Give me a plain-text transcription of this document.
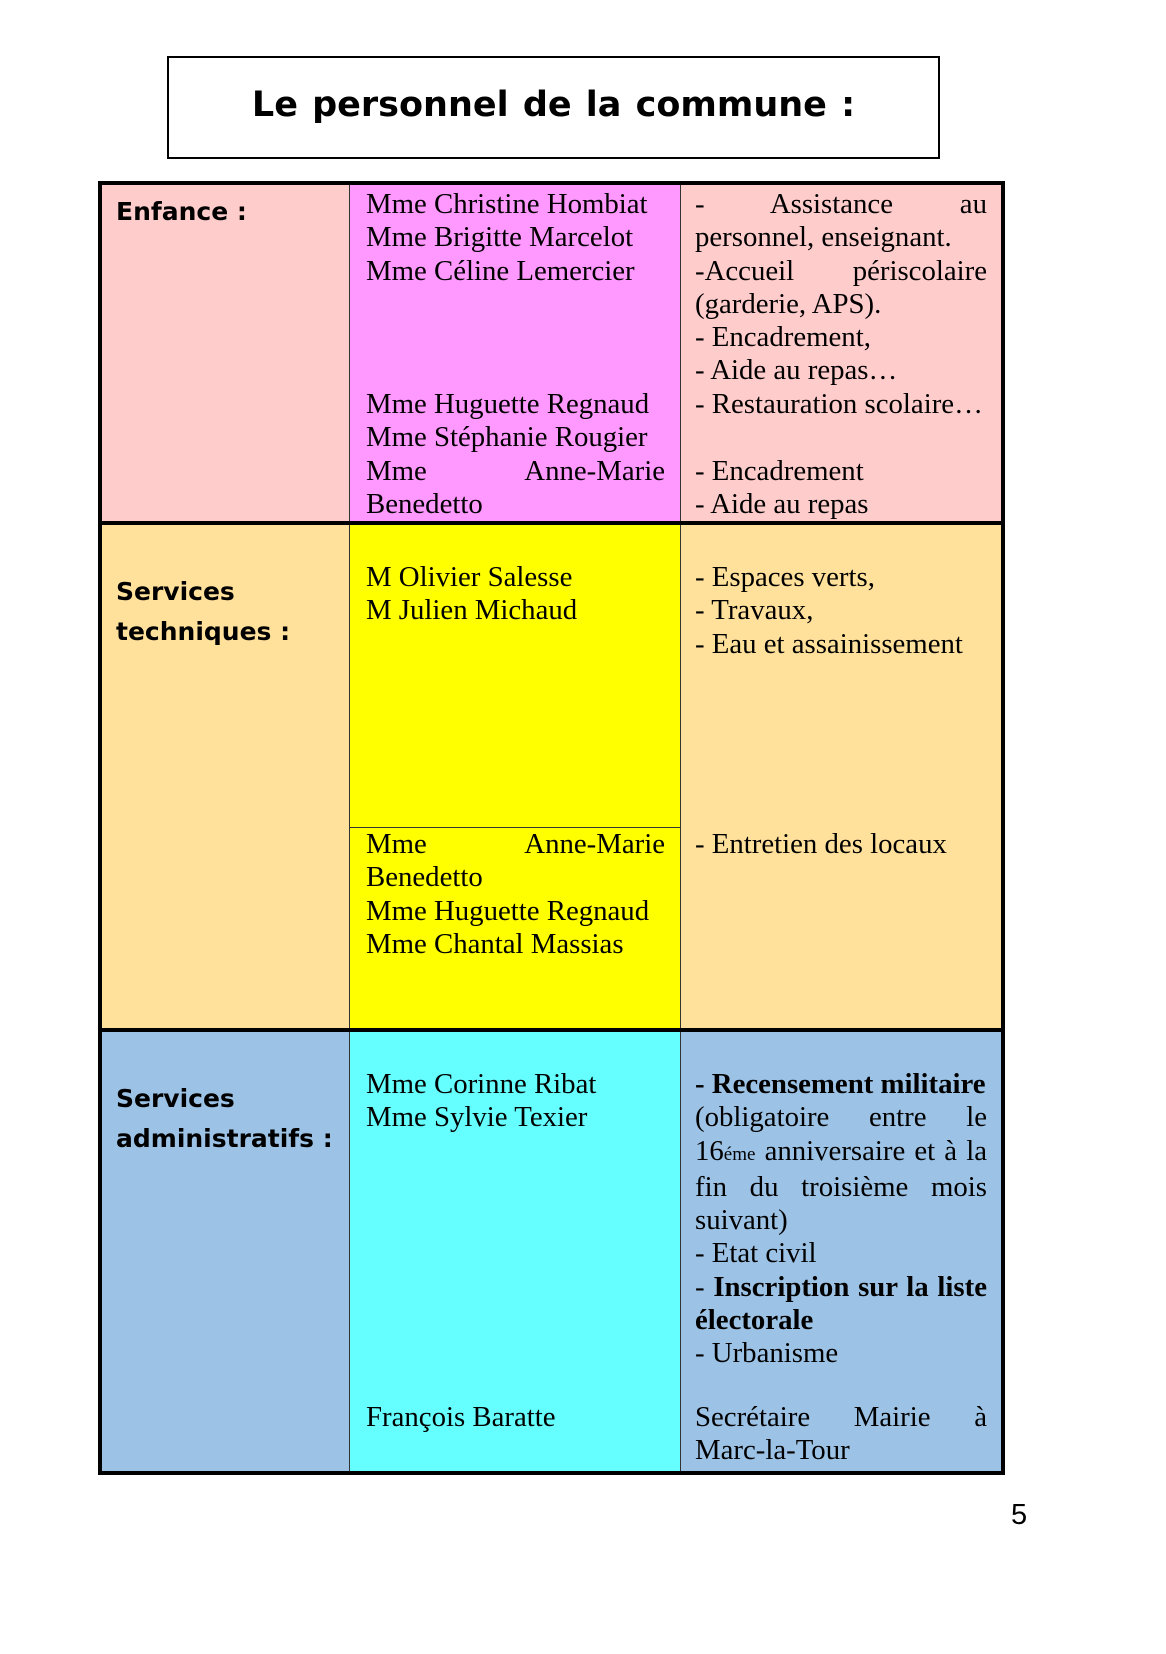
Le personnel de la commune :
Enfance :	Mme Christine Hombiat
Mme Brigitte Marcelot
Mme Céline Lemercier
- Assistance au personnel, enseignant.
-Accueil périscolaire (garderie, APS).
- Encadrement,
- Aide au repas…
Mme Huguette Regnaud
Mme Stéphanie Rougier
- Restauration scolaire…
Mme Anne-Marie Benedetto
- Encadrement
- Aide au repas
Services techniques :
M Olivier Salesse
M Julien Michaud
- Espaces verts,
- Travaux,
- Eau et assainissement
Mme Anne-Marie Benedetto
Mme Huguette Regnaud
Mme Chantal Massias
- Entretien des locaux
Services administratifs :
Mme Corinne Ribat
Mme Sylvie Texier
- Recensement militaire
(obligatoire entre le 16éme anniversaire et à la fin du troisième mois suivant)
- Etat civil
- Inscription sur la liste électorale
- Urbanisme
François Baratte	Secrétaire Mairie à Marc-la-Tour
5
